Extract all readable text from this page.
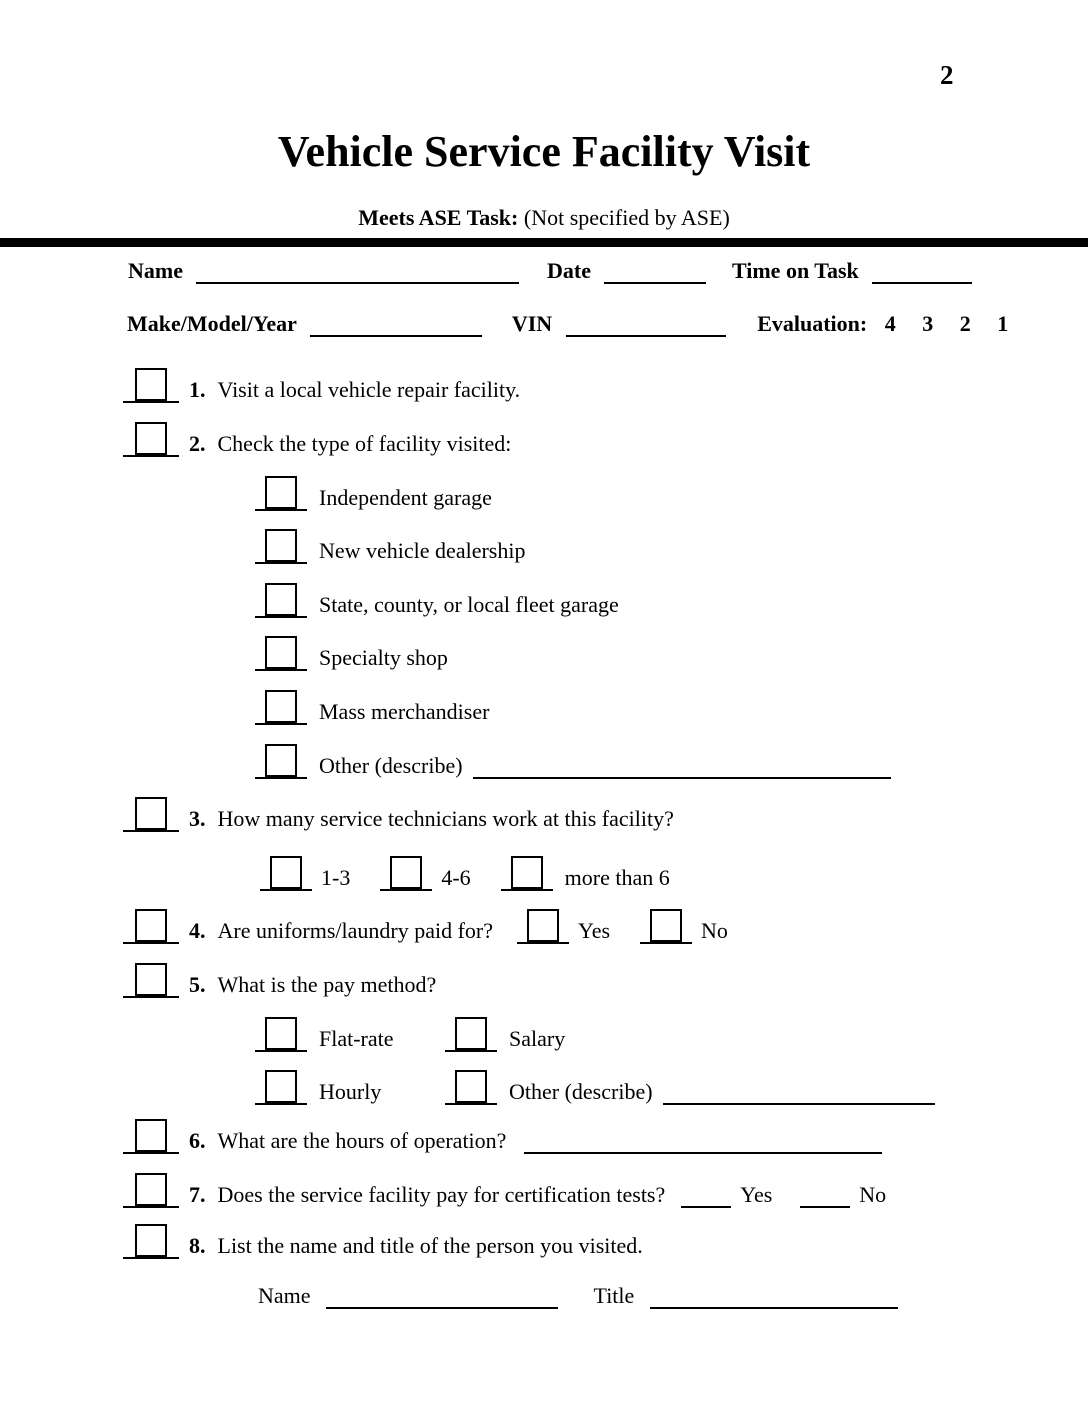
2
Vehicle Service Facility Visit
Meets ASE Task: (Not specified by ASE)
Name	Date	Time on Task
Make/Model/Year	VIN	Evaluation: 4 3 2 1
1. Visit a local vehicle repair facility.
2. Check the type of facility visited:
Independent garage
New vehicle dealership
State, county, or local fleet garage
Specialty shop
Mass merchandiser
Other (describe)
3. How many service technicians work at this facility?
1-3	4-6	more than 6
4. Are uniforms/laundry paid for?	Yes	No
5. What is the pay method?
Flat-rate	Salary
Hourly	Other (describe)
6. What are the hours of operation?
7. Does the service facility pay for certification tests?	Yes	No
8. List the name and title of the person you visited.
Name	Title
